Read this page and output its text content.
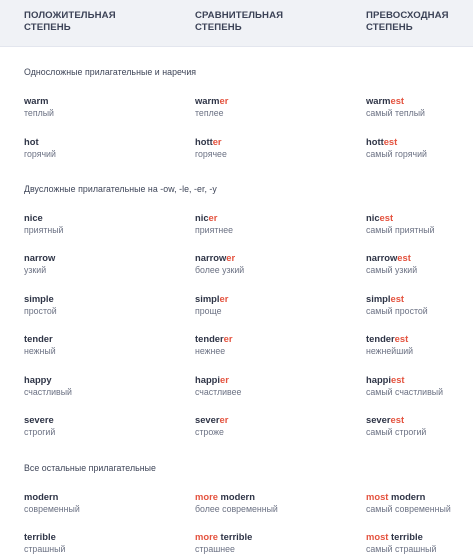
ПОЛОЖИТЕЛЬНАЯ
СТЕПЕНЬ
СРАВНИТЕЛЬНАЯ
СТЕПЕНЬ
ПРЕВОСХОДНАЯ
СТЕПЕНЬ
Односложные прилагательные и наречия
warm
теплый
warmer
теплее
warmest
самый теплый
hot
горячий
hotter
горячее
hottest
самый горячий
Двусложные прилагательные на -ow, -le, -er, -y
nice
приятный
nicer
приятнее
nicest
самый приятный
narrow
узкий
narrower
более узкий
narrowest
самый узкий
simple
простой
simpler
проще
simplest
самый простой
tender
нежный
tenderer
нежнее
tenderest
нежнейший
happy
счастливый
happier
счастливее
happiest
самый счастливый
severe
строгий
severer
строже
severest
самый строгий
Все остальные прилагательные
modern
современный
more modern
более современный
most modern
самый современный
terrible
страшный
more terrible
страшнее
most terrible
самый страшный
